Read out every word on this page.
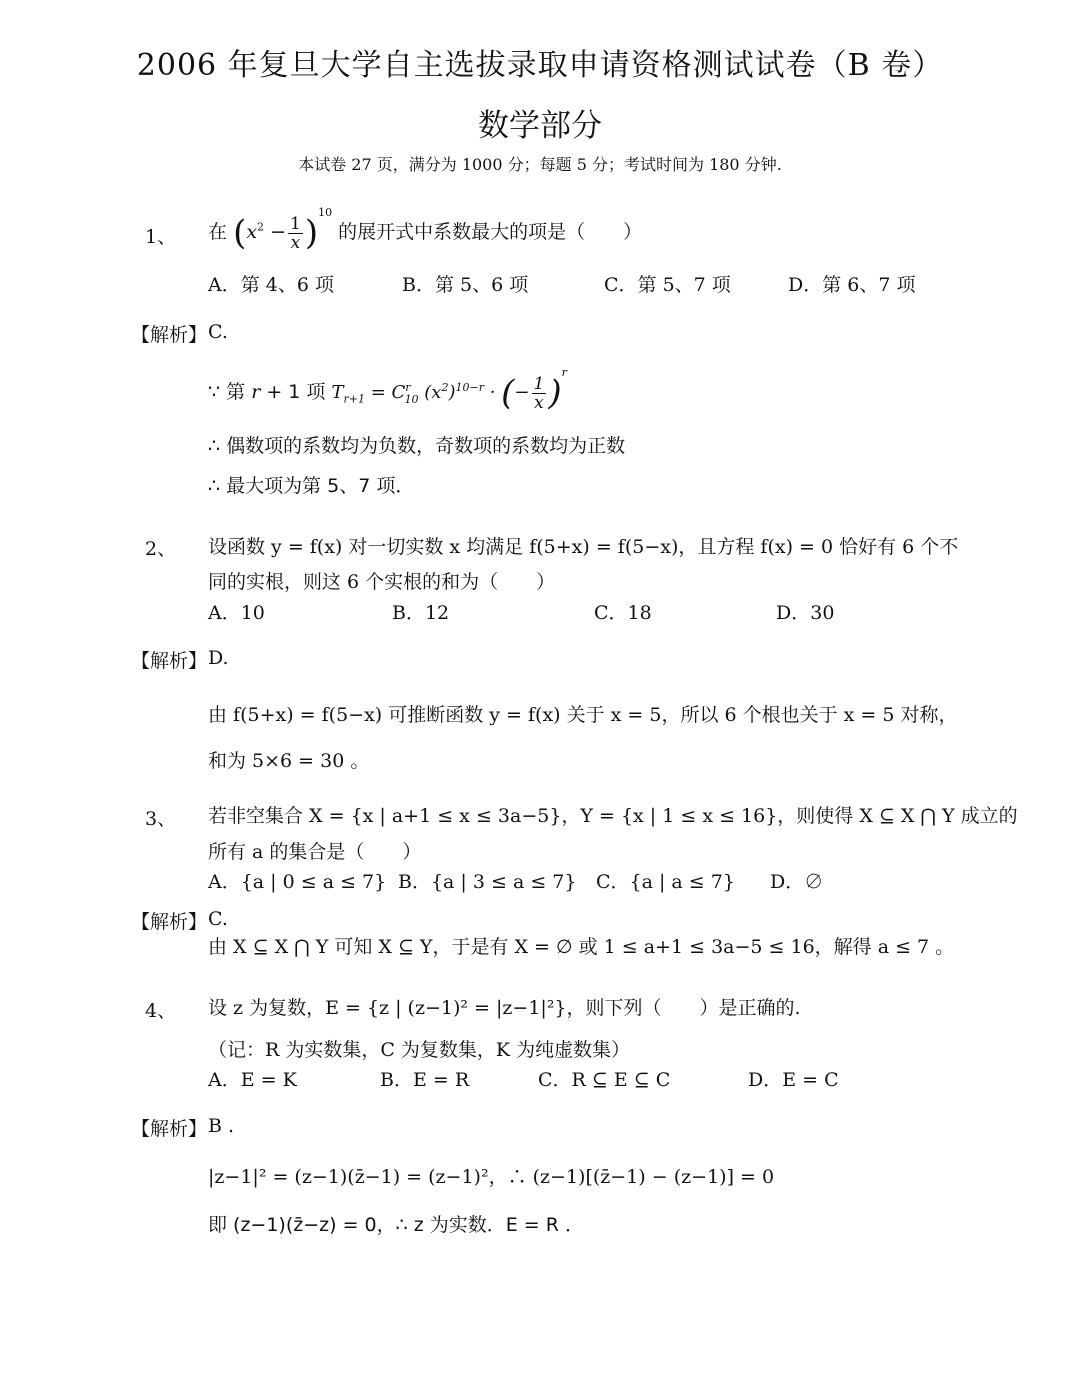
2006 年复旦大学自主选拔录取申请资格测试试卷（B 卷）
数学部分
本试卷 27 页，满分为 1000 分；每题 5 分；考试时间为 180 分钟.
1、 在 $(x^2 - \frac{1}{x} )^{10}$ 的展开式中系数最大的项是（　　）
A．第 4、6 项	B．第 5、6 项	C．第 5、7 项	D．第 6、7 项
【解析】 C.
∵ 第 r + 1 项 $T_{r+1} = C^r_{10}$ $(x^2)^{10-r}$ · (− $\frac{1}{x} )^r$
∴ 偶数项的系数均为负数，奇数项的系数均为正数
∴ 最大项为第 5、7 项．
2、 设函数 y = f(x) 对一切实数 x 均满足 f(5+x) = f(5−x)，且方程 f(x) = 0 恰好有 6 个不
同的实根，则这 6 个实根的和为（　　）
A．10	B．12	C．18	D．30
【解析】 D.
由 f(5+x) = f(5−x) 可推断函数 y = f(x) 关于 x = 5，所以 6 个根也关于 x = 5 对称，
和为 5×6 = 30 。
3、 若非空集合 X = {x | a+1 ≤ x ≤ 3a−5}，Y = {x | 1 ≤ x ≤ 16}，则使得 X ⊆ X ⋂ Y 成立的
所有 a 的集合是（　　）
A．{a | 0 ≤ a ≤ 7} B．{a | 3 ≤ a ≤ 7} C．{a | a ≤ 7} D．∅
【解析】 C.
由 X ⊆ X ⋂ Y 可知 X ⊆ Y，于是有 X = ∅ 或 1 ≤ a+1 ≤ 3a−5 ≤ 16，解得 a ≤ 7 。
4、 设 z 为复数，E = {z | (z−1)² = |z−1|²}，则下列（　　）是正确的.
（记：R 为实数集，C 为复数集，K 为纯虚数集）
A．E = K	B．E = R	C．R ⊆ E ⊆ C	D．E = C
【解析】 B .
|z−1|² = (z−1)(z̄−1) = (z−1)²，∴ (z−1)[(z̄−1) − (z−1)] = 0
即 (z−1)(z̄−z) = 0，∴ z 为实数．E = R ．
